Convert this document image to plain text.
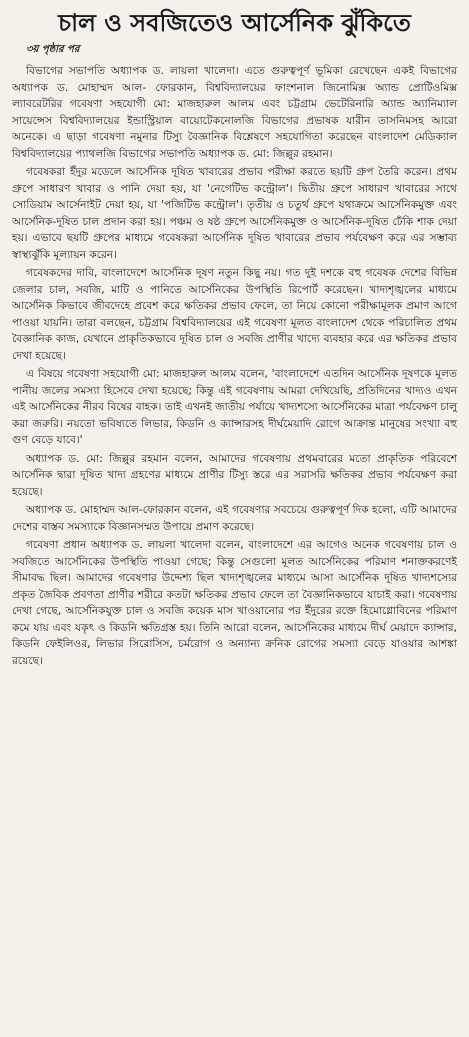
চাল ও সবজিতেও আর্সেনিক ঝুঁকিতে
৩য় পৃষ্ঠার পর

বিভাগের সভাপতি অধ্যাপক ড. লায়লা খালেদা। এতে গুরুত্বপূর্ণ ভূমিকা রেখেছেন একই বিভাগের অধ্যাপক ড. মোহাম্মদ আল- ফোরকান, বিশ্ববিদ্যালয়ের ফাংশনাল জিনোমিক্স অ্যান্ড প্রোটিওমিক্স ল্যাবরেটরির গবেষণা সহযোগী মো: মাজহারুল আলম এবং চট্টগ্রাম ভেটেরিনারি অ্যান্ড অ্যানিম্যাল সায়েন্সেস বিশ্ববিদ্যালয়ের ইন্ডাস্ট্রিয়াল বায়োটেকনোলজি বিভাগের প্রভাষক যারীন তাসনিমসহ আরো অনেকে। এ ছাড়া গবেষণা নমুনার টিস্যু বৈজ্ঞানিক বিশ্লেষণে সহযোগিতা করেছেন বাংলাদেশ মেডিক্যাল বিশ্ববিদ্যালয়ের প্যাথলজি বিভাগের সভাপতি অধ্যাপক ড. মো: জিল্লুর রহমান।

গবেষকরা ইঁদুর মডেলে আর্সেনিক দূষিত খাবারের প্রভাব পরীক্ষা করতে ছয়টি গ্রুপ তৈরি করেন। প্রথম গ্রুপে সাধারণ খাবার ও পানি দেয়া হয়, যা 'নেগেটিভ কন্ট্রোল'। দ্বিতীয় গ্রুপে সাধারণ খাবারের সাথে সোডিয়াম আর্সেনাইট দেয়া হয়, যা 'পজিটিভ কন্ট্রোল'। তৃতীয় ও চতুর্থ গ্রুপে যথাক্রমে আর্সেনিকমুক্ত এবং আর্সেনিক-দূষিত চাল প্রদান করা হয়। পঞ্চম ও ষষ্ঠ গ্রুপে আর্সেনিকমুক্ত ও আর্সেনিক-দূষিত ঢেঁকি শাক দেয়া হয়। এভাবে ছয়টি গ্রুপের মাধ্যমে গবেষকরা আর্সেনিক দূষিত খাবারের প্রভাব পর্যবেক্ষণ করে এর সম্ভাব্য স্বাস্থ্যঝুঁকি মূল্যায়ন করেন।

গবেষকদের দাবি, বাংলাদেশে আর্সেনিক দূষণ নতুন কিছু নয়। গত দুই দশকে বহু গবেষক দেশের বিভিন্ন জেলার চাল, সবজি, মাটি ও পানিতে আর্সেনিকের উপস্থিতি রিপোর্ট করেছেন। খাদ্যশৃঙ্খলের মাধ্যমে আর্সেনিক কিভাবে জীবদেহে প্রবেশ করে ক্ষতিকর প্রভাব ফেলে, তা নিয়ে কোনো পরীক্ষামূলক প্রমাণ আগে পাওয়া যায়নি। তারা বলছেন, চট্টগ্রাম বিশ্ববিদ্যালয়ের এই গবেষণা মূলত বাংলাদেশ থেকে পরিচালিত প্রথম বৈজ্ঞানিক কাজ, যেখানে প্রাকৃতিকভাবে দূষিত চাল ও সবজি প্রাণীর খাদ্যে ব্যবহার করে এর ক্ষতিকর প্রভাব দেখা হয়েছে।

এ বিষয়ে গবেষণা সহযোগী মো: মাজহারুল আলম বলেন, 'বাংলাদেশে এতদিন আর্সেনিক দূষণকে মূলত পানীয় জলের সমস্যা হিসেবে দেখা হয়েছে; কিন্তু এই গবেষণায় আমরা দেখিয়েছি, প্রতিদিনের খাদ্যও এখন এই আর্সেনিকের নীরব বিষের বাহক। তাই এখনই জাতীয় পর্যায়ে খাদ্যশস্যে আর্সেনিকের মাত্রা পর্যবেক্ষণ চালু করা জরুরি। নয়তো ভবিষ্যতে লিভার, কিডনি ও ক্যান্সারসহ দীর্ঘমেয়াদি রোগে আক্রান্ত মানুষের সংখ্যা বহু গুণ বেড়ে যাবে।'

অধ্যাপক ড. মো: জিল্লুর রহমান বলেন, আমাদের গবেষণায় প্রথমবারের মতো প্রাকৃতিক পরিবেশে আর্সেনিক দ্বারা দূষিত খাদ্য গ্রহণের মাধ্যমে প্রাণীর টিস্যু স্তরে এর সরাসরি ক্ষতিকর প্রভাব পর্যবেক্ষণ করা হয়েছে।

অধ্যাপক ড. মোহাম্মদ আল-ফোরকান বলেন, এই গবেষণার সবচেয়ে গুরুত্বপূর্ণ দিক হলো, এটি আমাদের দেশের বাস্তব সমস্যাকে বিজ্ঞানসম্মত উপায়ে প্রমাণ করেছে।

গবেষণা প্রধান অধ্যাপক ড. লায়লা খালেদা বলেন, বাংলাদেশে এর আগেও অনেক গবেষণায় চাল ও সবজিতে আর্সেনিকের উপস্থিতি পাওয়া গেছে; কিন্তু সেগুলো মূলত আর্সেনিকের পরিমাণ শনাক্তকরণেই সীমাবদ্ধ ছিল। আমাদের গবেষণার উদ্দেশ্য ছিল খাদ্যশৃঙ্খলের মাধ্যমে আসা আর্সেনিক দূষিত খাদ্যশস্যের প্রকৃত জৈবিক প্রবণতা প্রাণীর শরীরে কতটা ক্ষতিকর প্রভাব ফেলে তা বৈজ্ঞানিকভাবে যাচাই করা। গবেষণায় দেখা গেছে, আর্সেনিকযুক্ত চাল ও সবজি কয়েক মাস খাওয়ানোর পর ইঁদুরের রক্তে হিমোগ্লোবিনের পরিমাণ কমে যায় এবং যকৃৎ ও কিডনি ক্ষতিগ্রস্ত হয়। তিনি আরো বলেন, আর্সেনিকের মাধ্যমে দীর্ঘ মেয়াদে ক্যান্সার, কিডনি ফেইলিওর, লিভার সিরোসিস, চর্মরোগ ও অন্যান্য ক্রনিক রোগের সমস্যা বেড়ে যাওয়ার আশঙ্কা রয়েছে।
